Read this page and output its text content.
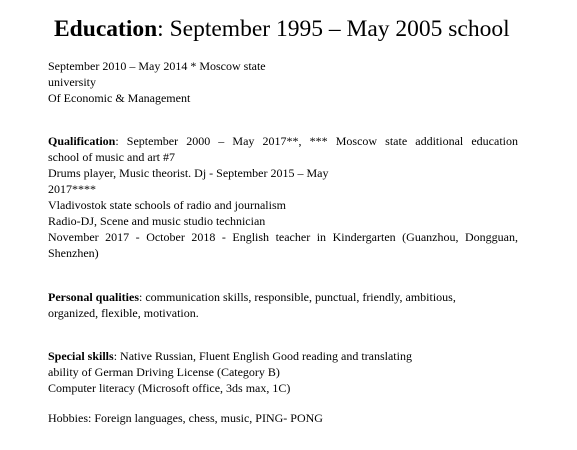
Education: September 1995 – May 2005 school
September 2010 – May 2014 * Moscow state
university
Of Economic & Management
Qualification: September 2000 – May 2017**, *** Moscow state additional education
school of music and art #7
Drums player, Music theorist. Dj - September 2015 – May
2017****
Vladivostok state schools of radio and journalism
Radio-DJ, Scene and music studio technician
November 2017 - October 2018 - English teacher in Kindergarten (Guanzhou, Dongguan,
Shenzhen)
Personal qualities: communication skills, responsible, punctual, friendly, ambitious,
organized, flexible, motivation.
Special skills: Native Russian, Fluent English Good reading and translating
ability of German Driving License (Category B)
Computer literacy (Microsoft office, 3ds max, 1C)
Hobbies: Foreign languages, chess, music, PING- PONG
